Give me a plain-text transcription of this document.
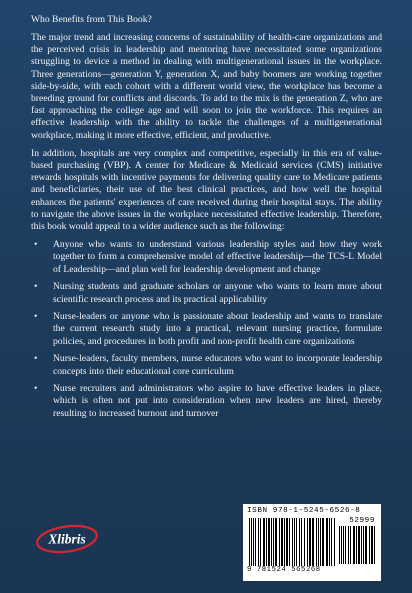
Who Benefits from This Book?

The major trend and increasing concerns of sustainability of health-care organizations and the perceived crisis in leadership and mentoring have necessitated some organizations struggling to device a method in dealing with multigenerational issues in the workplace. Three generations—generation Y, generation X, and baby boomers are working together side-by-side, with each cohort with a different world view, the workplace has become a breeding ground for conflicts and discords. To add to the mix is the generation Z, who are fast approaching the college age and will soon to join the workforce. This requires an effective leadership with the ability to tackle the challenges of a multigenerational workplace, making it more effective, efficient, and productive.

In addition, hospitals are very complex and competitive, especially in this era of value-based purchasing (VBP). A center for Medicare & Medicaid services (CMS) initiative rewards hospitals with incentive payments for delivering quality care to Medicare patients and beneficiaries, their use of the best clinical practices, and how well the hospital enhances the patients' experiences of care received during their hospital stays. The ability to navigate the above issues in the workplace necessitated effective leadership. Therefore, this book would appeal to a wider audience such as the following:

• Anyone who wants to understand various leadership styles and how they work together to form a comprehensive model of effective leadership—the TCS-L Model of Leadership—and plan well for leadership development and change
• Nursing students and graduate scholars or anyone who wants to learn more about scientific research process and its practical applicability
• Nurse-leaders or anyone who is passionate about leadership and wants to translate the current research study into a practical, relevant nursing practice, formulate policies, and procedures in both profit and non-profit health care organizations
• Nurse-leaders, faculty members, nurse educators who want to incorporate leadership concepts into their educational core curriculum
• Nurse recruiters and administrators who aspire to have effective leaders in place, which is often not put into consideration when new leaders are hired, thereby resulting to increased burnout and turnover
Xlibris
ISBN 978-1-5245-6526-8
52999
9 781524 565268
